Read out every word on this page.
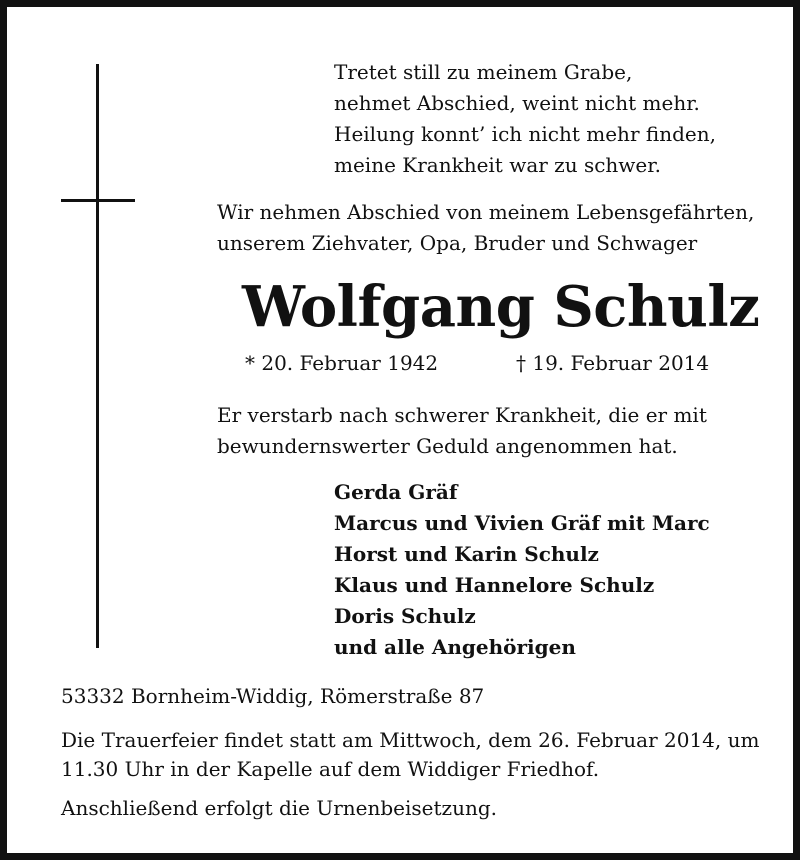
Tretet still zu meinem Grabe,
nehmet Abschied, weint nicht mehr.
Heilung konnt’ ich nicht mehr finden,
meine Krankheit war zu schwer.
Wir nehmen Abschied von meinem Lebensgefährten,
unserem Ziehvater, Opa, Bruder und Schwager
Wolfgang Schulz
* 20. Februar 1942	† 19. Februar 2014
Er verstarb nach schwerer Krankheit, die er mit
bewundernswerter Geduld angenommen hat.
Gerda Gräf
Marcus und Vivien Gräf mit Marc
Horst und Karin Schulz
Klaus und Hannelore Schulz
Doris Schulz
und alle Angehörigen
53332 Bornheim-Widdig, Römerstraße 87
Die Trauerfeier findet statt am Mittwoch, dem 26. Februar 2014, um
11.30 Uhr in der Kapelle auf dem Widdiger Friedhof.
Anschließend erfolgt die Urnenbeisetzung.
